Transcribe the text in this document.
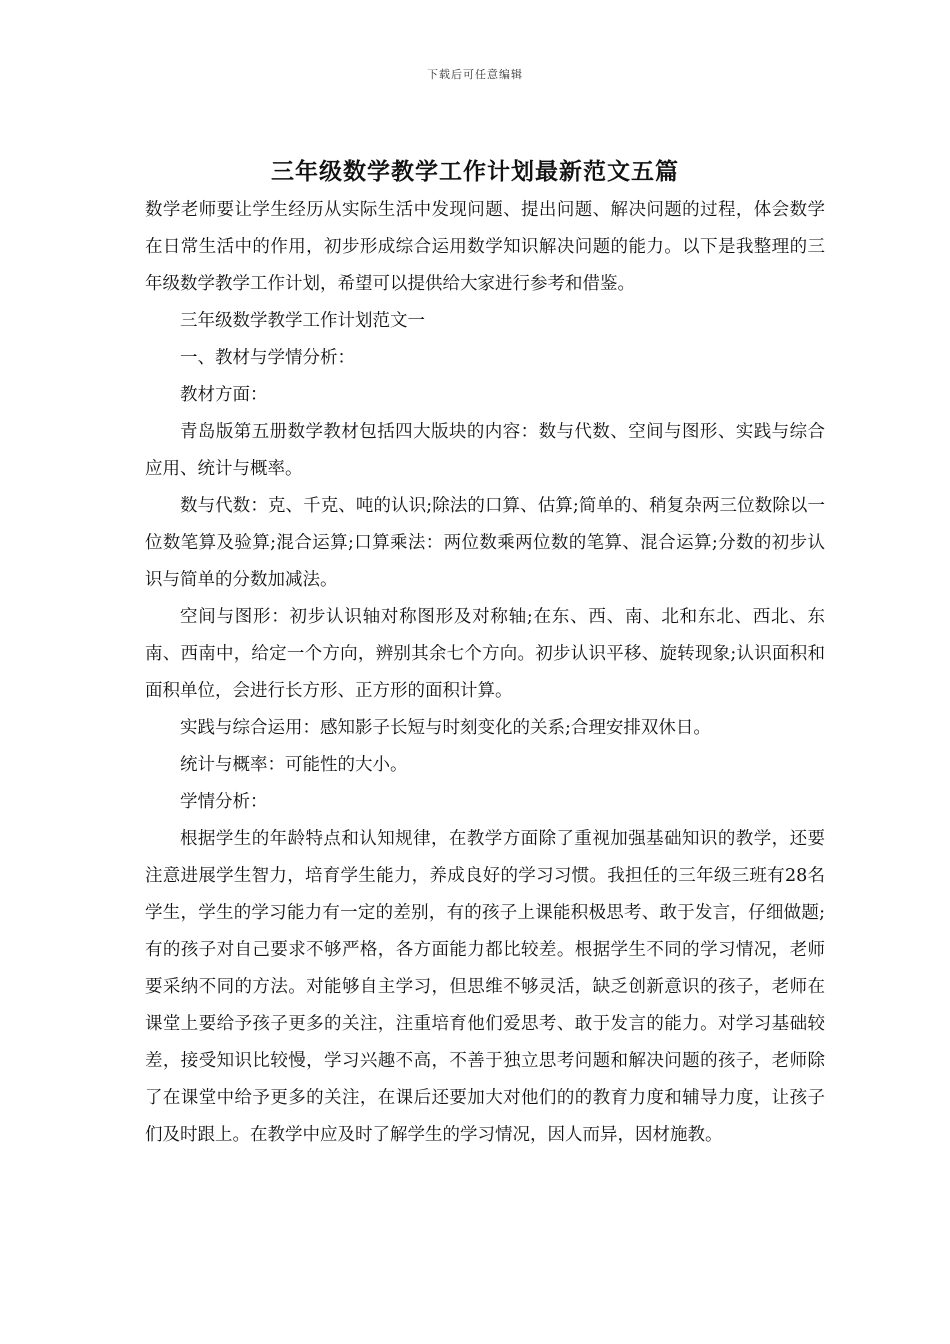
下载后可任意编辑
三年级数学教学工作计划最新范文五篇

数学老师要让学生经历从实际生活中发现问题、提出问题、解决问题的过程，体会数学在日常生活中的作用，初步形成综合运用数学知识解决问题的能力。以下是我整理的三年级数学教学工作计划，希望可以提供给大家进行参考和借鉴。

三年级数学教学工作计划范文一

一、教材与学情分析：

教材方面：

青岛版第五册数学教材包括四大版块的内容：数与代数、空间与图形、实践与综合应用、统计与概率。

数与代数：克、千克、吨的认识;除法的口算、估算;简单的、稍复杂两三位数除以一位数笔算及验算;混合运算;口算乘法：两位数乘两位数的笔算、混合运算;分数的初步认识与简单的分数加减法。

空间与图形：初步认识轴对称图形及对称轴;在东、西、南、北和东北、西北、东南、西南中，给定一个方向，辨别其余七个方向。初步认识平移、旋转现象;认识面积和面积单位，会进行长方形、正方形的面积计算。

实践与综合运用：感知影子长短与时刻变化的关系;合理安排双休日。

统计与概率：可能性的大小。

学情分析：

根据学生的年龄特点和认知规律，在教学方面除了重视加强基础知识的教学，还要注意进展学生智力，培育学生能力，养成良好的学习习惯。我担任的三年级三班有28名学生，学生的学习能力有一定的差别，有的孩子上课能积极思考、敢于发言，仔细做题;有的孩子对自己要求不够严格，各方面能力都比较差。根据学生不同的学习情况，老师要采纳不同的方法。对能够自主学习，但思维不够灵活，缺乏创新意识的孩子，老师在课堂上要给予孩子更多的关注，注重培育他们爱思考、敢于发言的能力。对学习基础较差，接受知识比较慢，学习兴趣不高，不善于独立思考问题和解决问题的孩子，老师除了在课堂中给予更多的关注，在课后还要加大对他们的的教育力度和辅导力度，让孩子们及时跟上。在教学中应及时了解学生的学习情况，因人而异，因材施教。
